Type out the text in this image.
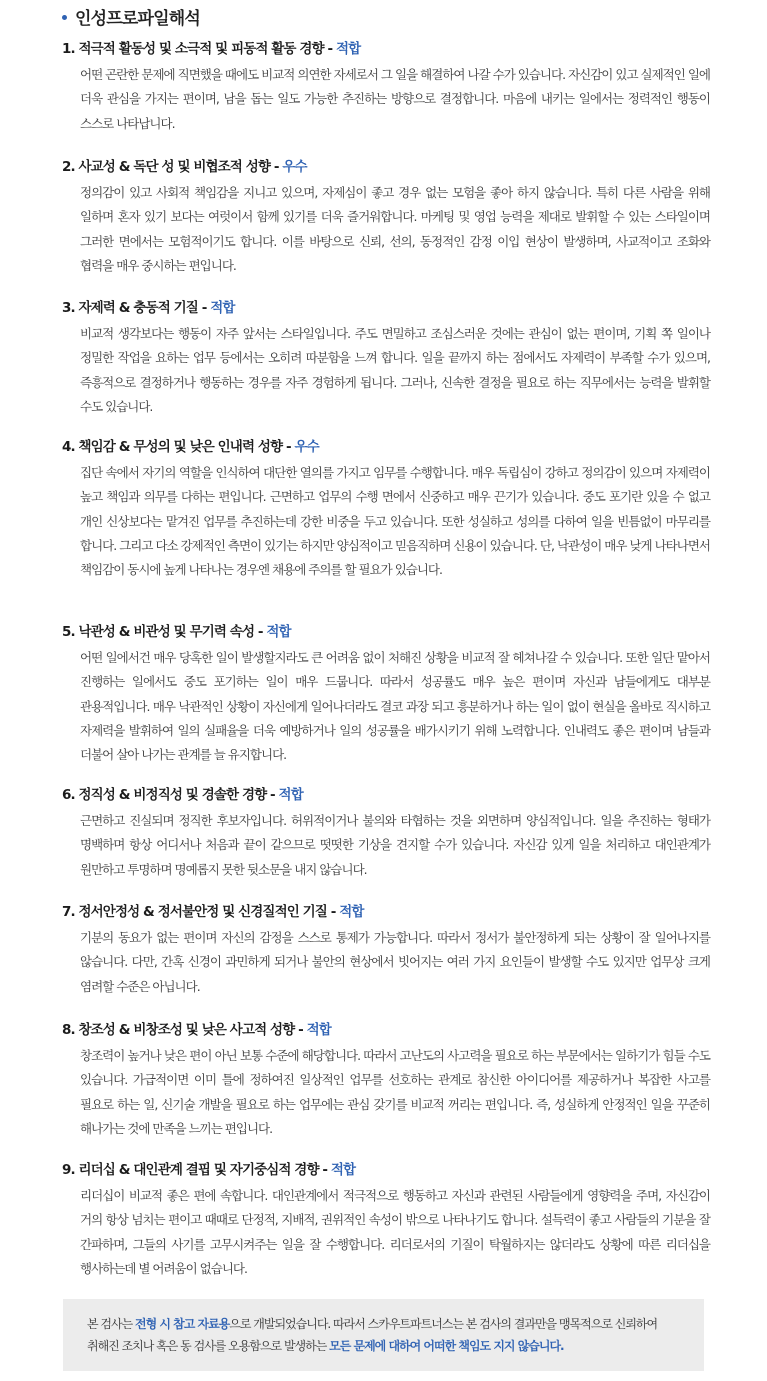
인성프로파일해석
1. 적극적 활동성 및 소극적 및 피동적 활동 경향 - 적합
어떤 곤란한 문제에 직면했을 때에도 비교적 의연한 자세로서 그 일을 해결하여 나갈 수가 있습니다. 자신감이 있고 실제적인 일에 더욱 관심을 가지는 편이며, 남을 돕는 일도 가능한 추진하는 방향으로 결정합니다. 마음에 내키는 일에서는 정력적인 행동이 스스로 나타납니다.
2. 사교성 & 독단 성 및 비협조적 성향 - 우수
정의감이 있고 사회적 책임감을 지니고 있으며, 자제심이 좋고 경우 없는 모험을 좋아 하지 않습니다. 특히 다른 사람을 위해 일하며 혼자 있기 보다는 여럿이서 함께 있기를 더욱 즐거워합니다. 마케팅 및 영업 능력을 제대로 발휘할 수 있는 스타일이며 그러한 면에서는 모험적이기도 합니다. 이를 바탕으로 신뢰, 선의, 동정적인 감정 이입 현상이 발생하며, 사교적이고 조화와 협력을 매우 중시하는 편입니다.
3. 자제력 & 충동적 기질 - 적합
비교적 생각보다는 행동이 자주 앞서는 스타일입니다. 주도 면밀하고 조심스러운 것에는 관심이 없는 편이며, 기획 쪽 일이나 정밀한 작업을 요하는 업무 등에서는 오히려 따분함을 느껴 합니다. 일을 끝까지 하는 점에서도 자제력이 부족할 수가 있으며, 즉흥적으로 결정하거나 행동하는 경우를 자주 경험하게 됩니다. 그러나, 신속한 결정을 필요로 하는 직무에서는 능력을 발휘할 수도 있습니다.
4. 책임감 & 무성의 및 낮은 인내력 성향 - 우수
집단 속에서 자기의 역할을 인식하여 대단한 열의를 가지고 임무를 수행합니다. 매우 독립심이 강하고 정의감이 있으며 자제력이 높고 책임과 의무를 다하는 편입니다. 근면하고 업무의 수행 면에서 신중하고 매우 끈기가 있습니다. 중도 포기란 있을 수 없고 개인 신상보다는 맡겨진 업무를 추진하는데 강한 비중을 두고 있습니다. 또한 성실하고 성의를 다하여 일을 빈틈없이 마무리를 합니다. 그리고 다소 강제적인 측면이 있기는 하지만 양심적이고 믿음직하며 신용이 있습니다. 단, 낙관성이 매우 낮게 나타나면서 책임감이 동시에 높게 나타나는 경우엔 채용에 주의를 할 필요가 있습니다.
5. 낙관성 & 비관성 및 무기력 속성 - 적합
어떤 일에서건 매우 당혹한 일이 발생할지라도 큰 어려움 없이 처해진 상황을 비교적 잘 헤쳐나갈 수 있습니다. 또한 일단 맡아서 진행하는 일에서도 중도 포기하는 일이 매우 드뭅니다. 따라서 성공률도 매우 높은 편이며 자신과 남들에게도 대부분 관용적입니다. 매우 낙관적인 상황이 자신에게 일어나더라도 결코 과장 되고 흥분하거나 하는 일이 없이 현실을 올바로 직시하고 자제력을 발휘하여 일의 실패율을 더욱 예방하거나 일의 성공률을 배가시키기 위해 노력합니다. 인내력도 좋은 편이며 남들과 더불어 살아 나가는 관계를 늘 유지합니다.
6. 정직성 & 비정직성 및 경솔한 경향 - 적합
근면하고 진실되며 정직한 후보자입니다. 허위적이거나 불의와 타협하는 것을 외면하며 양심적입니다. 일을 추진하는 형태가 명백하며 항상 어디서나 처음과 끝이 같으므로 떳떳한 기상을 견지할 수가 있습니다. 자신감 있게 일을 처리하고 대인관계가 원만하고 투명하며 명예롭지 못한 뒷소문을 내지 않습니다.
7. 정서안정성 & 정서불안정 및 신경질적인 기질 - 적합
기분의 동요가 없는 편이며 자신의 감정을 스스로 통제가 가능합니다. 따라서 정서가 불안정하게 되는 상황이 잘 일어나지를 않습니다. 다만, 간혹 신경이 과민하게 되거나 불안의 현상에서 빗어지는 여러 가지 요인들이 발생할 수도 있지만 업무상 크게 염려할 수준은 아닙니다.
8. 창조성 & 비창조성 및 낮은 사고적 성향 - 적합
창조력이 높거나 낮은 편이 아닌 보통 수준에 해당합니다. 따라서 고난도의 사고력을 필요로 하는 부문에서는 일하기가 힘들 수도 있습니다. 가급적이면 이미 틀에 정하여진 일상적인 업무를 선호하는 관계로 참신한 아이디어를 제공하거나 복잡한 사고를 필요로 하는 일, 신기술 개발을 필요로 하는 업무에는 관심 갖기를 비교적 꺼리는 편입니다. 즉, 성실하게 안정적인 일을 꾸준히 해나가는 것에 만족을 느끼는 편입니다.
9. 리더십 & 대인관계 결핍 및 자기중심적 경향 - 적합
리더십이 비교적 좋은 편에 속합니다. 대인관계에서 적극적으로 행동하고 자신과 관련된 사람들에게 영향력을 주며, 자신감이 거의 항상 넘치는 편이고 때때로 단정적, 지배적, 권위적인 속성이 밖으로 나타나기도 합니다. 설득력이 좋고 사람들의 기분을 잘 간파하며, 그들의 사기를 고무시켜주는 일을 잘 수행합니다. 리더로서의 기질이 탁월하지는 않더라도 상황에 따른 리더십을 행사하는데 별 어려움이 없습니다.
본 검사는 전형 시 참고 자료용으로 개발되었습니다. 따라서 스카우트파트너스는 본 검사의 결과만을 맹목적으로 신뢰하여 취해진 조치나 혹은 동 검사를 오용함으로 발생하는 모든 문제에 대하여 어떠한 책임도 지지 않습니다.
